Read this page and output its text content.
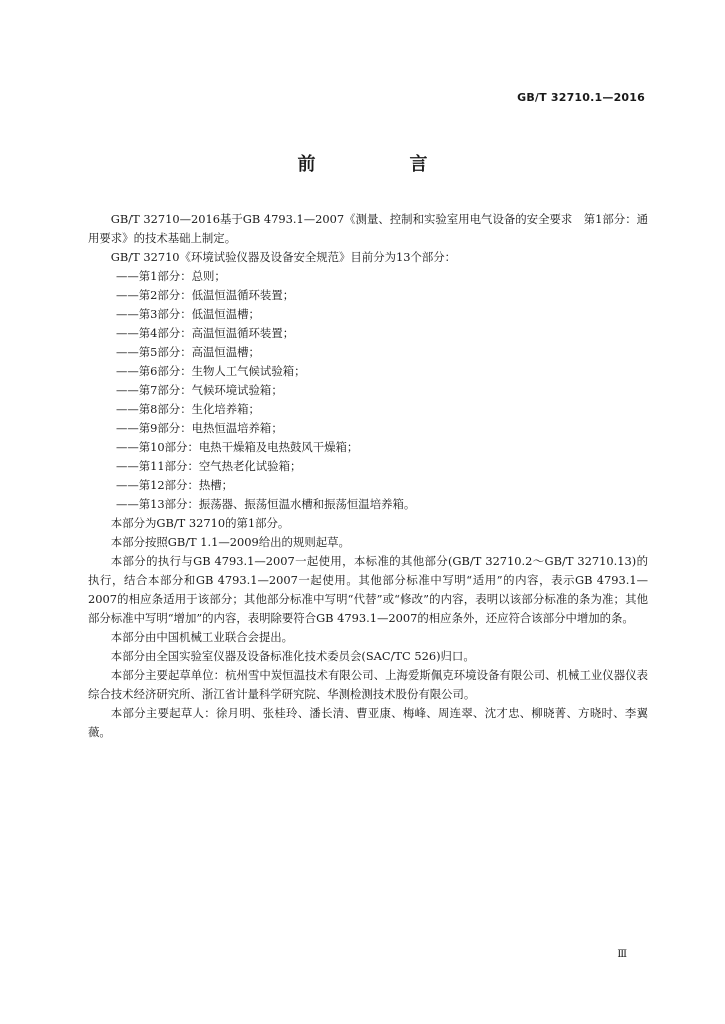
GB/T 32710.1—2016
前　言

GB/T 32710—2016基于GB 4793.1—2007《测量、控制和实验室用电气设备的安全要求　第1部分：通用要求》的技术基础上制定。

GB/T 32710《环境试验仪器及设备安全规范》目前分为13个部分：

——第1部分：总则；

——第2部分：低温恒温循环装置；

——第3部分：低温恒温槽；

——第4部分：高温恒温循环装置；

——第5部分：高温恒温槽；

——第6部分：生物人工气候试验箱；

——第7部分：气候环境试验箱；

——第8部分：生化培养箱；

——第9部分：电热恒温培养箱；

——第10部分：电热干燥箱及电热鼓风干燥箱；

——第11部分：空气热老化试验箱；

——第12部分：热槽；

——第13部分：振荡器、振荡恒温水槽和振荡恒温培养箱。

本部分为GB/T 32710的第1部分。

本部分按照GB/T 1.1—2009给出的规则起草。

本部分的执行与GB 4793.1—2007一起使用，本标准的其他部分(GB/T 32710.2～GB/T 32710.13)的执行，结合本部分和GB 4793.1—2007一起使用。其他部分标准中写明“适用”的内容，表示GB 4793.1—2007的相应条适用于该部分；其他部分标准中写明“代替”或“修改”的内容，表明以该部分标准的条为准；其他部分标准中写明“增加”的内容，表明除要符合GB 4793.1—2007的相应条外，还应符合该部分中增加的条。

本部分由中国机械工业联合会提出。

本部分由全国实验室仪器及设备标准化技术委员会(SAC/TC 526)归口。

本部分主要起草单位：杭州雪中炭恒温技术有限公司、上海爱斯佩克环境设备有限公司、机械工业仪器仪表综合技术经济研究所、浙江省计量科学研究院、华测检测技术股份有限公司。

本部分主要起草人：徐月明、张桂玲、潘长清、曹亚康、梅峰、周连翠、沈才忠、柳晓菁、方晓时、李翼薇。

Ⅲ
